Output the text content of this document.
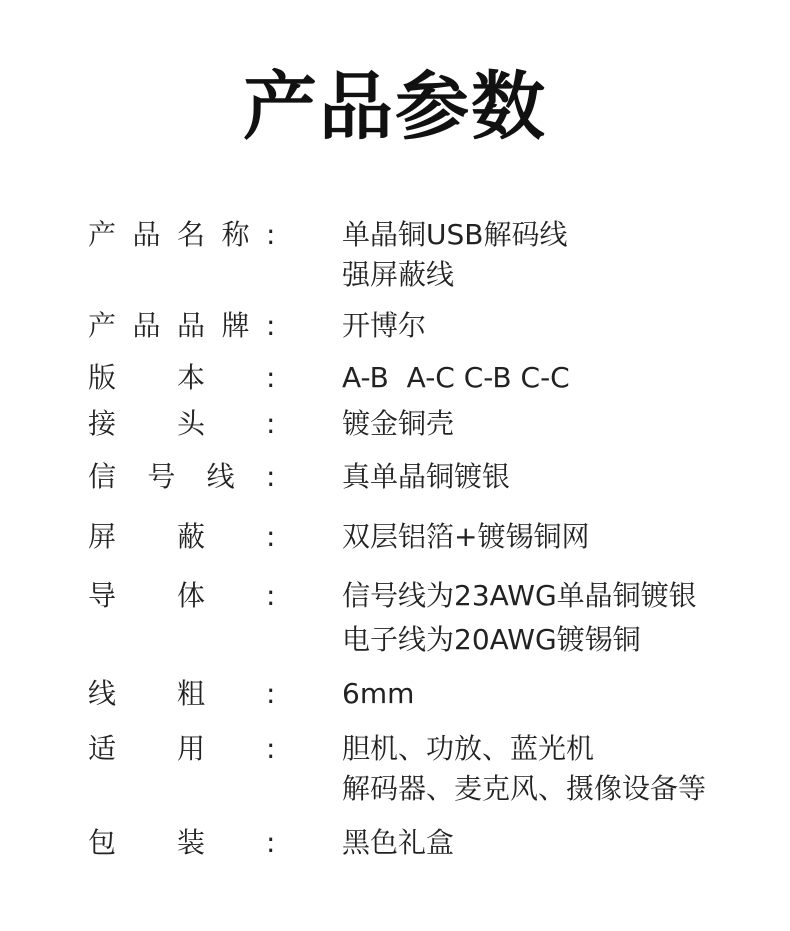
产品参数
产 品 名 称 :	单晶铜USB解码线
强屏蔽线
产 品 品 牌 :	开博尔
版 本 :	A-B  A-C C-B C-C
接 头 :	镀金铜壳
信 号 线 :	真单晶铜镀银
屏 蔽 :	双层铝箔+镀锡铜网
导 体 :	信号线为23AWG单晶铜镀银
电子线为20AWG镀锡铜
线 粗 :	6mm
适 用 :	胆机、功放、蓝光机
解码器、麦克风、摄像设备等
包 装 :	黑色礼盒
